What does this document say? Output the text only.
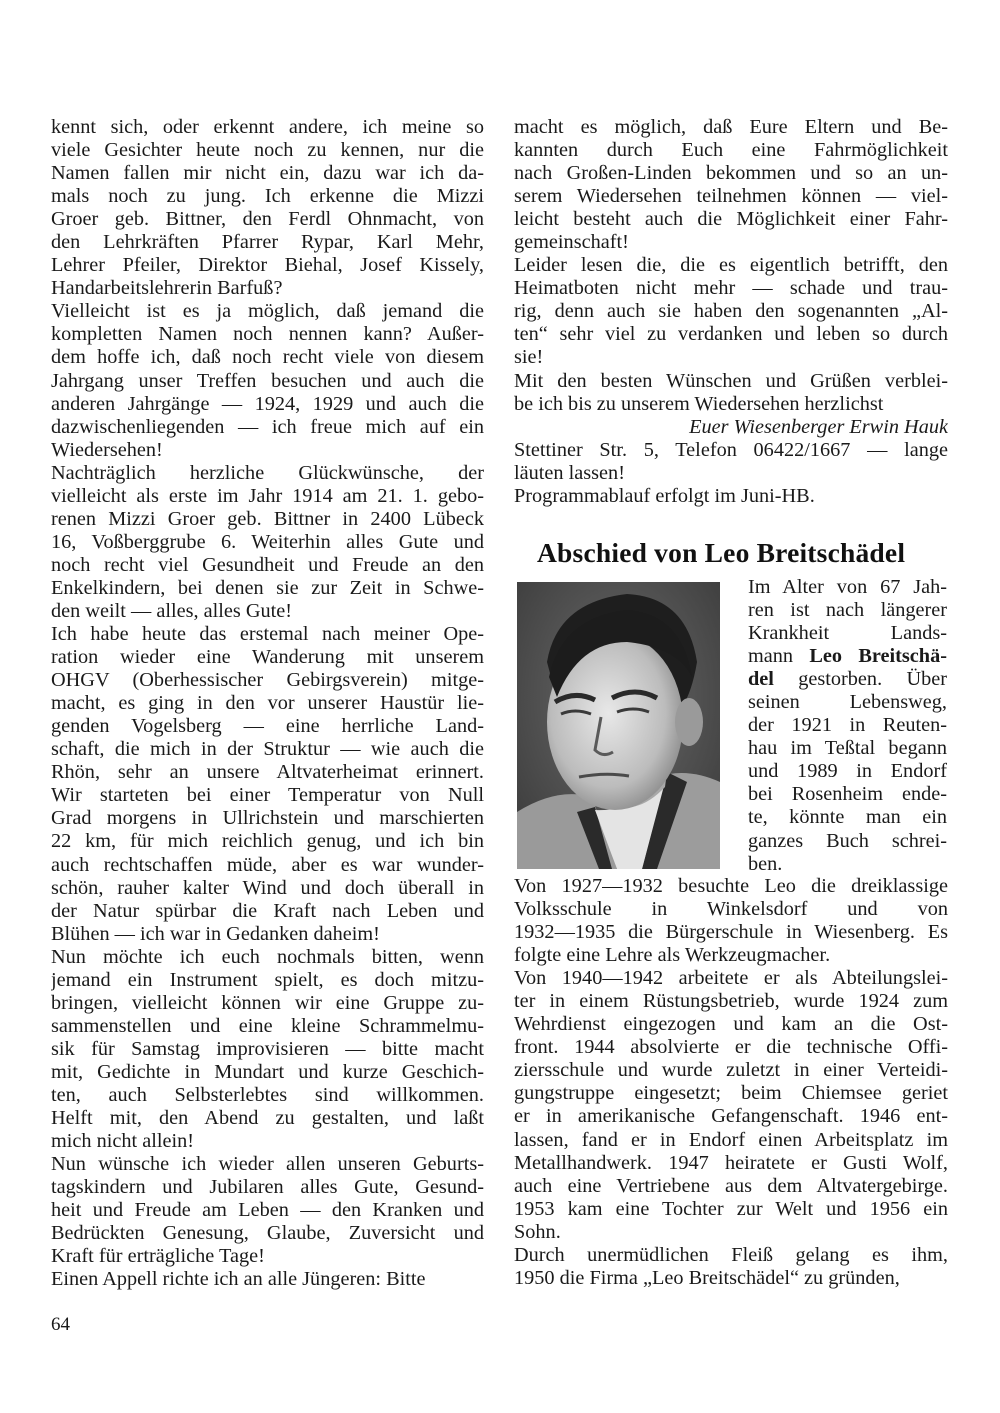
kennt sich, oder erkennt andere, ich meine so
viele Gesichter heute noch zu kennen, nur die
Namen fallen mir nicht ein, dazu war ich da-
mals noch zu jung. Ich erkenne die Mizzi
Groer geb. Bittner, den Ferdl Ohnmacht, von
den Lehrkräften Pfarrer Rypar, Karl Mehr,
Lehrer Pfeiler, Direktor Biehal, Josef Kissely,
Handarbeitslehrerin Barfuß?
Vielleicht ist es ja möglich, daß jemand die
kompletten Namen noch nennen kann? Außer-
dem hoffe ich, daß noch recht viele von diesem
Jahrgang unser Treffen besuchen und auch die
anderen Jahrgänge — 1924, 1929 und auch die
dazwischenliegenden — ich freue mich auf ein
Wiedersehen!
Nachträglich herzliche Glückwünsche, der
vielleicht als erste im Jahr 1914 am 21. 1. gebo-
renen Mizzi Groer geb. Bittner in 2400 Lübeck
16, Voßberggrube 6. Weiterhin alles Gute und
noch recht viel Gesundheit und Freude an den
Enkelkindern, bei denen sie zur Zeit in Schwe-
den weilt — alles, alles Gute!
Ich habe heute das erstemal nach meiner Ope-
ration wieder eine Wanderung mit unserem
OHGV (Oberhessischer Gebirgsverein) mitge-
macht, es ging in den vor unserer Haustür lie-
genden Vogelsberg — eine herrliche Land-
schaft, die mich in der Struktur — wie auch die
Rhön, sehr an unsere Altvaterheimat erinnert.
Wir starteten bei einer Temperatur von Null
Grad morgens in Ullrichstein und marschierten
22 km, für mich reichlich genug, und ich bin
auch rechtschaffen müde, aber es war wunder-
schön, rauher kalter Wind und doch überall in
der Natur spürbar die Kraft nach Leben und
Blühen — ich war in Gedanken daheim!
Nun möchte ich euch nochmals bitten, wenn
jemand ein Instrument spielt, es doch mitzu-
bringen, vielleicht können wir eine Gruppe zu-
sammenstellen und eine kleine Schrammelmu-
sik für Samstag improvisieren — bitte macht
mit, Gedichte in Mundart und kurze Geschich-
ten, auch Selbsterlebtes sind willkommen.
Helft mit, den Abend zu gestalten, und laßt
mich nicht allein!
Nun wünsche ich wieder allen unseren Geburts-
tagskindern und Jubilaren alles Gute, Gesund-
heit und Freude am Leben — den Kranken und
Bedrückten Genesung, Glaube, Zuversicht und
Kraft für erträgliche Tage!
Einen Appell richte ich an alle Jüngeren: Bitte
macht es möglich, daß Eure Eltern und Be-
kannten durch Euch eine Fahrmöglichkeit
nach Großen-Linden bekommen und so an un-
serem Wiedersehen teilnehmen können — viel-
leicht besteht auch die Möglichkeit einer Fahr-
gemeinschaft!
Leider lesen die, die es eigentlich betrifft, den
Heimatboten nicht mehr — schade und trau-
rig, denn auch sie haben den sogenannten „Al-
ten“ sehr viel zu verdanken und leben so durch
sie!
Mit den besten Wünschen und Grüßen verblei-
be ich bis zu unserem Wiedersehen herzlichst
Euer Wiesenberger Erwin Hauk
Stettiner Str. 5, Telefon 06422/1667 — lange
läuten lassen!
Programmablauf erfolgt im Juni-HB.
Abschied von Leo Breitschädel
Im Alter von 67 Jah-
ren ist nach längerer
Krankheit Lands-
mann Leo Breitschä-
del gestorben. Über
seinen Lebensweg,
der 1921 in Reuten-
hau im Teßtal begann
und 1989 in Endorf
bei Rosenheim ende-
te, könnte man ein
ganzes Buch schrei-
ben.
Von 1927—1932 besuchte Leo die dreiklassige
Volksschule in Winkelsdorf und von
1932—1935 die Bürgerschule in Wiesenberg. Es
folgte eine Lehre als Werkzeugmacher.
Von 1940—1942 arbeitete er als Abteilungslei-
ter in einem Rüstungsbetrieb, wurde 1924 zum
Wehrdienst eingezogen und kam an die Ost-
front. 1944 absolvierte er die technische Offi-
ziersschule und wurde zuletzt in einer Verteidi-
gungstruppe eingesetzt; beim Chiemsee geriet
er in amerikanische Gefangenschaft. 1946 ent-
lassen, fand er in Endorf einen Arbeitsplatz im
Metallhandwerk. 1947 heiratete er Gusti Wolf,
auch eine Vertriebene aus dem Altvatergebirge.
1953 kam eine Tochter zur Welt und 1956 ein
Sohn.
Durch unermüdlichen Fleiß gelang es ihm,
1950 die Firma „Leo Breitschädel“ zu gründen,
64
